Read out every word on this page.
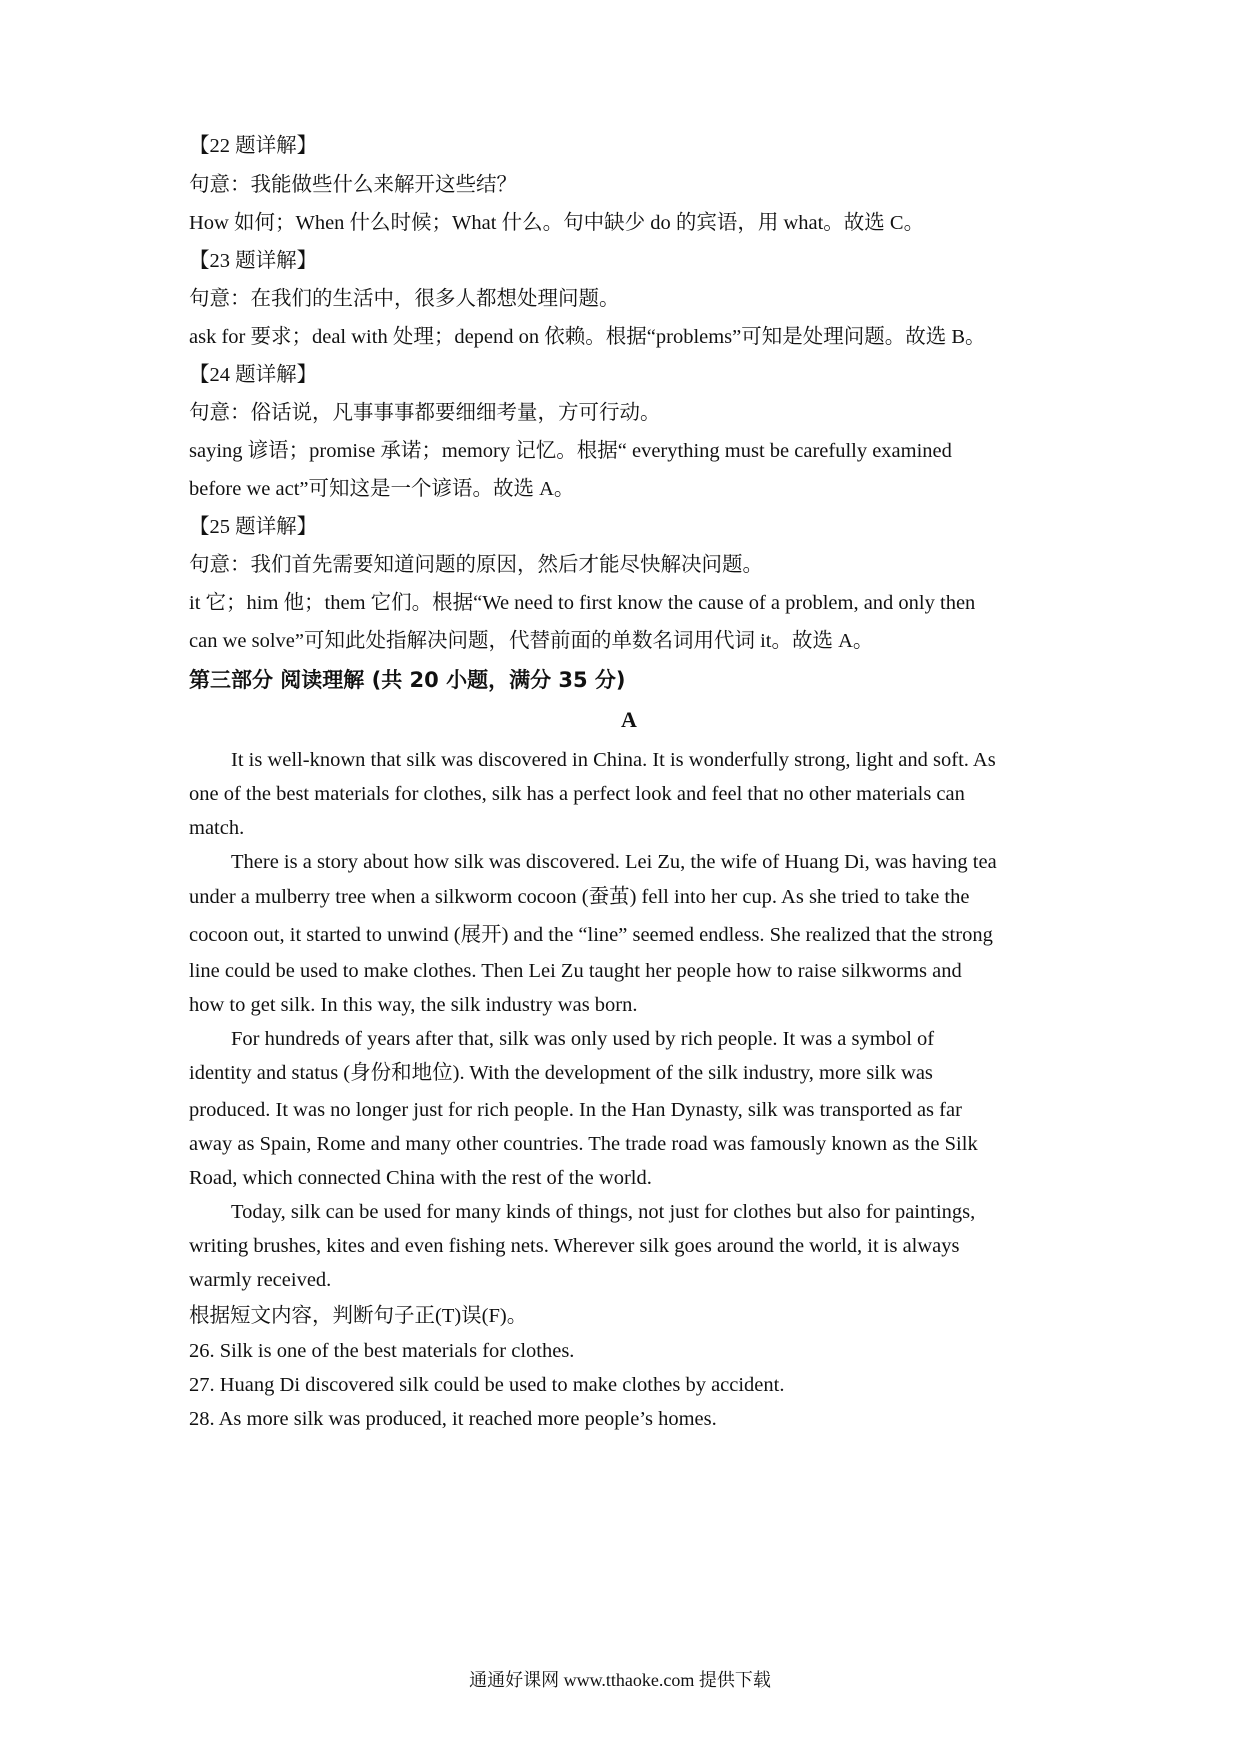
【22 题详解】
句意：我能做些什么来解开这些结？
How 如何；When 什么时候；What 什么。句中缺少 do 的宾语，用 what。故选 C。
【23 题详解】
句意：在我们的生活中，很多人都想处理问题。
ask for 要求；deal with 处理；depend on 依赖。根据“problems”可知是处理问题。故选 B。
【24 题详解】
句意：俗话说，凡事事事都要细细考量，方可行动。
saying 谚语；promise 承诺；memory 记忆。根据“ everything must be carefully examined
before we act”可知这是一个谚语。故选 A。
【25 题详解】
句意：我们首先需要知道问题的原因，然后才能尽快解决问题。
it 它；him 他；them 它们。根据“We need to first know the cause of a problem, and only then
can we solve”可知此处指解决问题，代替前面的单数名词用代词 it。故选 A。
第三部分 阅读理解 (共 20 小题，满分 35 分)
A
It is well-known that silk was discovered in China. It is wonderfully strong, light and soft. As
one of the best materials for clothes, silk has a perfect look and feel that no other materials can
match.
There is a story about how silk was discovered. Lei Zu, the wife of Huang Di, was having tea
under a mulberry tree when a silkworm cocoon (蚕茧) fell into her cup. As she tried to take the
cocoon out, it started to unwind (展开) and the “line” seemed endless. She realized that the strong
line could be used to make clothes. Then Lei Zu taught her people how to raise silkworms and
how to get silk. In this way, the silk industry was born.
For hundreds of years after that, silk was only used by rich people. It was a symbol of
identity and status (身份和地位). With the development of the silk industry, more silk was
produced. It was no longer just for rich people. In the Han Dynasty, silk was transported as far
away as Spain, Rome and many other countries. The trade road was famously known as the Silk
Road, which connected China with the rest of the world.
Today, silk can be used for many kinds of things, not just for clothes but also for paintings,
writing brushes, kites and even fishing nets. Wherever silk goes around the world, it is always
warmly received.
根据短文内容，判断句子正(T)误(F)。
26. Silk is one of the best materials for clothes.
27. Huang Di discovered silk could be used to make clothes by accident.
28. As more silk was produced, it reached more people’s homes.
通通好课网 www.tthaoke.com 提供下载
